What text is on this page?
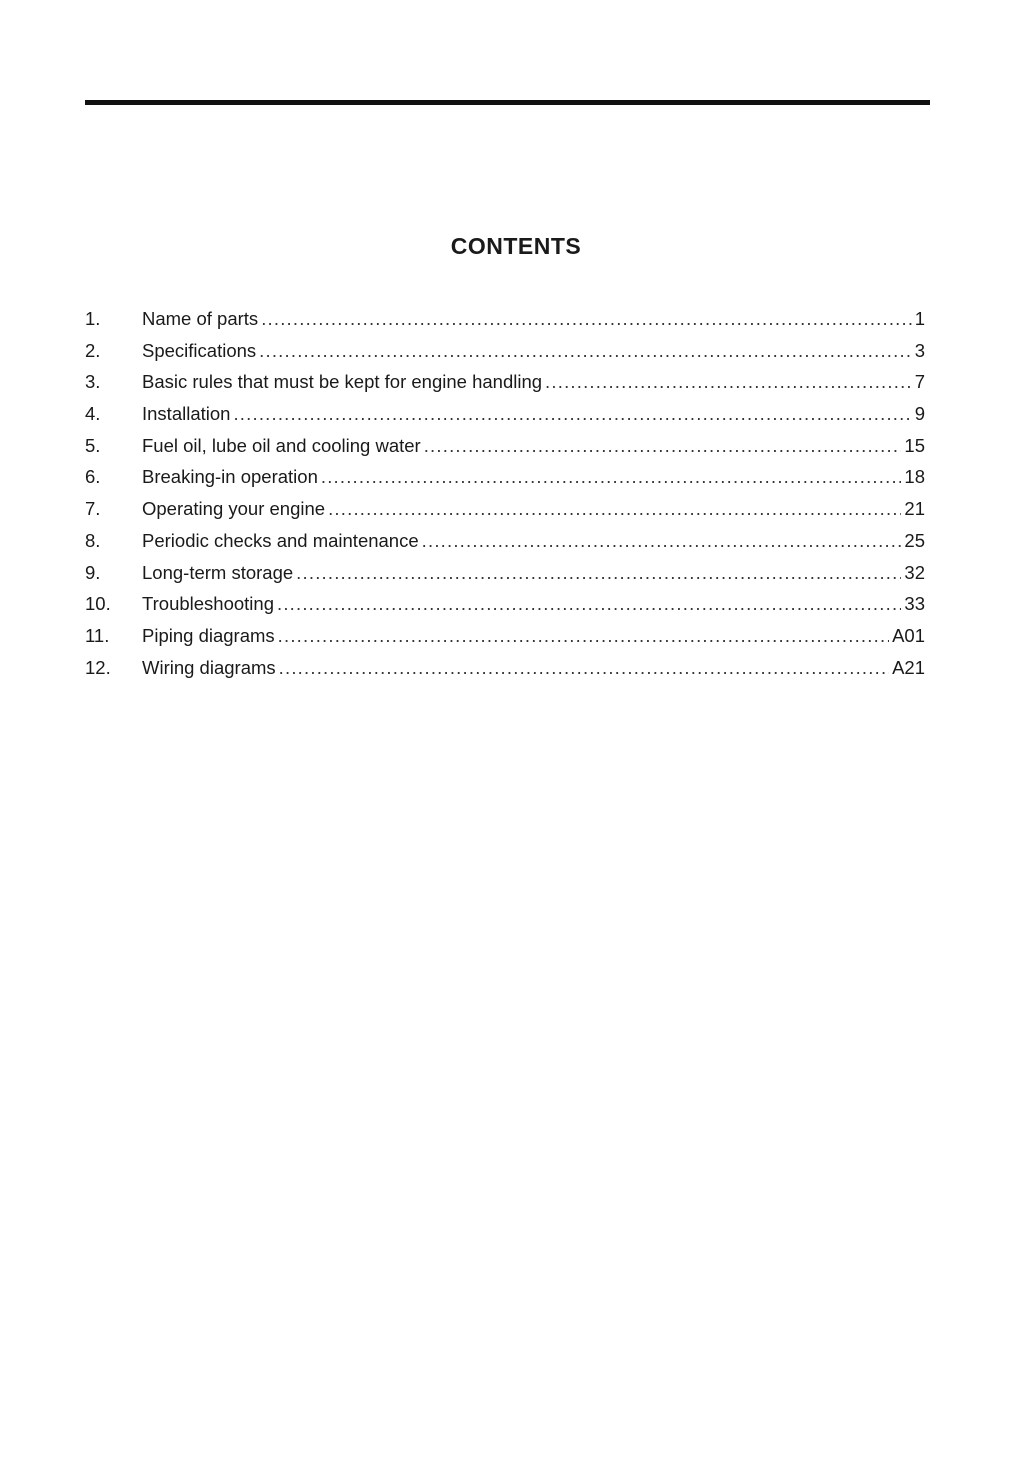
CONTENTS
1.	Name of parts .....	1
2.	Specifications .....	3
3.	Basic rules that must be kept for engine handling .....	7
4.	Installation .....	9
5.	Fuel oil, lube oil and cooling water .....	15
6.	Breaking-in operation .....	18
7.	Operating your engine .....	21
8.	Periodic checks and maintenance .....	25
9.	Long-term storage .....	32
10.	Troubleshooting .....	33
11.	Piping diagrams .....	A01
12.	Wiring diagrams .....	A21
